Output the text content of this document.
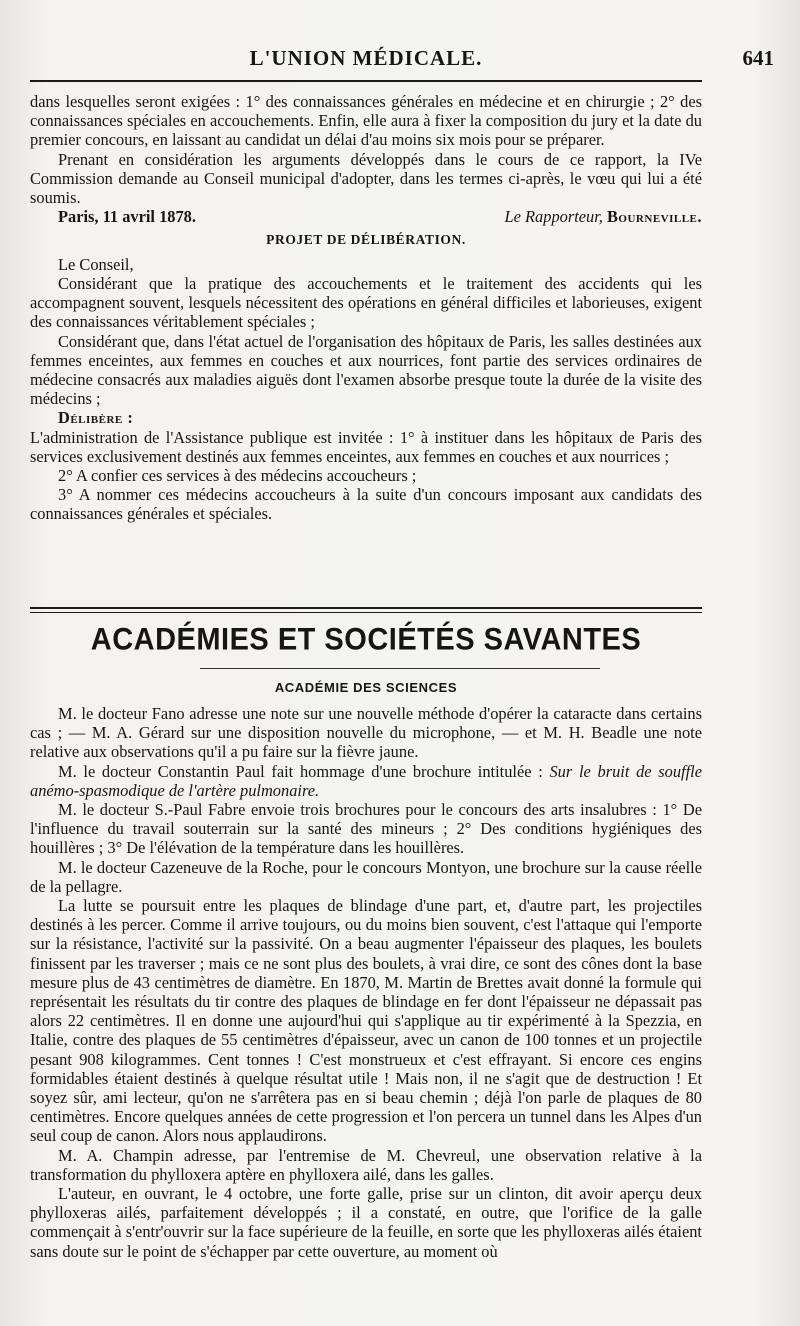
L'UNION MÉDICALE.	641

dans lesquelles seront exigées : 1° des connaissances générales en médecine et en chirurgie ; 2° des connaissances spéciales en accouchements. Enfin, elle aura à fixer la composition du jury et la date du premier concours, en laissant au candidat un délai d'au moins six mois pour se préparer.

Prenant en considération les arguments développés dans le cours de ce rapport, la IVe Commission demande au Conseil municipal d'adopter, dans les termes ci-après, le vœu qui lui a été soumis.

Paris, 11 avril 1878.	Le Rapporteur, Bourneville.

PROJET DE DÉLIBÉRATION.

Le Conseil,

Considérant que la pratique des accouchements et le traitement des accidents qui les accompagnent souvent, lesquels nécessitent des opérations en général difficiles et laborieuses, exigent des connaissances véritablement spéciales ;

Considérant que, dans l'état actuel de l'organisation des hôpitaux de Paris, les salles destinées aux femmes enceintes, aux femmes en couches et aux nourrices, font partie des services ordinaires de médecine consacrés aux maladies aiguës dont l'examen absorbe presque toute la durée de la visite des médecins ;

Délibère :

L'administration de l'Assistance publique est invitée : 1° à instituer dans les hôpitaux de Paris des services exclusivement destinés aux femmes enceintes, aux femmes en couches et aux nourrices ;

2° A confier ces services à des médecins accoucheurs ;

3° A nommer ces médecins accoucheurs à la suite d'un concours imposant aux candidats des connaissances générales et spéciales.

ACADÉMIES ET SOCIÉTÉS SAVANTES
ACADÉMIE DES SCIENCES

M. le docteur Fano adresse une note sur une nouvelle méthode d'opérer la cataracte dans certains cas ; — M. A. Gérard sur une disposition nouvelle du microphone, — et M. H. Beadle une note relative aux observations qu'il a pu faire sur la fièvre jaune.

M. le docteur Constantin Paul fait hommage d'une brochure intitulée : Sur le bruit de souffle anémo-spasmodique de l'artère pulmonaire.

M. le docteur S.-Paul Fabre envoie trois brochures pour le concours des arts insalubres : 1° De l'influence du travail souterrain sur la santé des mineurs ; 2° Des conditions hygiéniques des houillères ; 3° De l'élévation de la température dans les houillères.

M. le docteur Cazeneuve de la Roche, pour le concours Montyon, une brochure sur la cause réelle de la pellagre.

La lutte se poursuit entre les plaques de blindage d'une part, et, d'autre part, les projectiles destinés à les percer. Comme il arrive toujours, ou du moins bien souvent, c'est l'attaque qui l'emporte sur la résistance, l'activité sur la passivité. On a beau augmenter l'épaisseur des plaques, les boulets finissent par les traverser ; mais ce ne sont plus des boulets, à vrai dire, ce sont des cônes dont la base mesure plus de 43 centimètres de diamètre. En 1870, M. Martin de Brettes avait donné la formule qui représentait les résultats du tir contre des plaques de blindage en fer dont l'épaisseur ne dépassait pas alors 22 centimètres. Il en donne une aujourd'hui qui s'applique au tir expérimenté à la Spezzia, en Italie, contre des plaques de 55 centimètres d'épaisseur, avec un canon de 100 tonnes et un projectile pesant 908 kilogrammes. Cent tonnes ! C'est monstrueux et c'est effrayant. Si encore ces engins formidables étaient destinés à quelque résultat utile ! Mais non, il ne s'agit que de destruction ! Et soyez sûr, ami lecteur, qu'on ne s'arrêtera pas en si beau chemin ; déjà l'on parle de plaques de 80 centimètres. Encore quelques années de cette progression et l'on percera un tunnel dans les Alpes d'un seul coup de canon. Alors nous applaudirons.

M. A. Champin adresse, par l'entremise de M. Chevreul, une observation relative à la transformation du phylloxera aptère en phylloxera ailé, dans les galles.

L'auteur, en ouvrant, le 4 octobre, une forte galle, prise sur un clinton, dit avoir aperçu deux phylloxeras ailés, parfaitement développés ; il a constaté, en outre, que l'orifice de la galle commençait à s'entr'ouvrir sur la face supérieure de la feuille, en sorte que les phylloxeras ailés étaient sans doute sur le point de s'échapper par cette ouverture, au moment où
